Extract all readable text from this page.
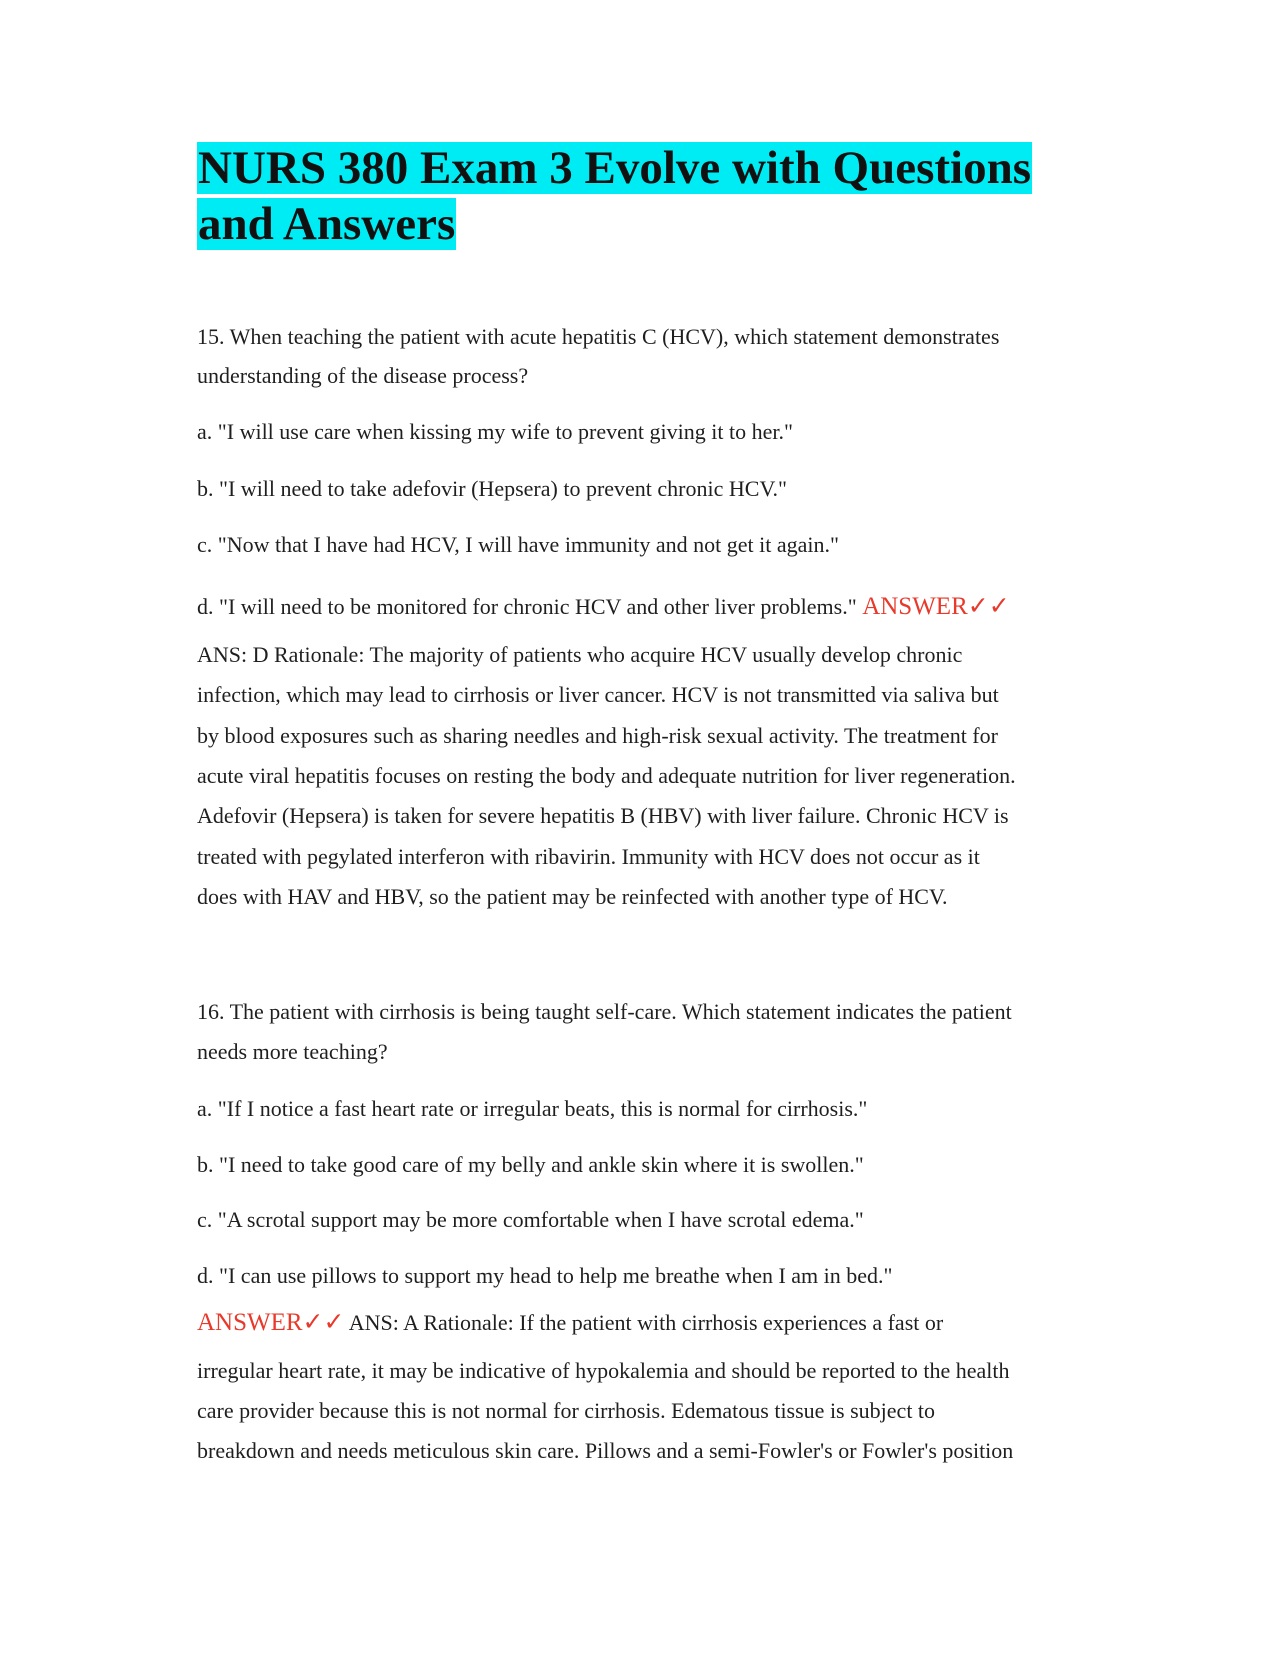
NURS 380 Exam 3 Evolve with Questions
and Answers

15. When teaching the patient with acute hepatitis C (HCV), which statement demonstrates

understanding of the disease process?

a. "I will use care when kissing my wife to prevent giving it to her."

b. "I will need to take adefovir (Hepsera) to prevent chronic HCV."

c. "Now that I have had HCV, I will have immunity and not get it again."

d. "I will need to be monitored for chronic HCV and other liver problems." ANSWER✓✓

ANS: D Rationale: The majority of patients who acquire HCV usually develop chronic

infection, which may lead to cirrhosis or liver cancer. HCV is not transmitted via saliva but

by blood exposures such as sharing needles and high-risk sexual activity. The treatment for

acute viral hepatitis focuses on resting the body and adequate nutrition for liver regeneration.

Adefovir (Hepsera) is taken for severe hepatitis B (HBV) with liver failure. Chronic HCV is

treated with pegylated interferon with ribavirin. Immunity with HCV does not occur as it

does with HAV and HBV, so the patient may be reinfected with another type of HCV.

16. The patient with cirrhosis is being taught self-care. Which statement indicates the patient

needs more teaching?

a. "If I notice a fast heart rate or irregular beats, this is normal for cirrhosis."

b. "I need to take good care of my belly and ankle skin where it is swollen."

c. "A scrotal support may be more comfortable when I have scrotal edema."

d. "I can use pillows to support my head to help me breathe when I am in bed."

ANSWER✓✓ ANS: A Rationale: If the patient with cirrhosis experiences a fast or

irregular heart rate, it may be indicative of hypokalemia and should be reported to the health

care provider because this is not normal for cirrhosis. Edematous tissue is subject to

breakdown and needs meticulous skin care. Pillows and a semi-Fowler's or Fowler's position
